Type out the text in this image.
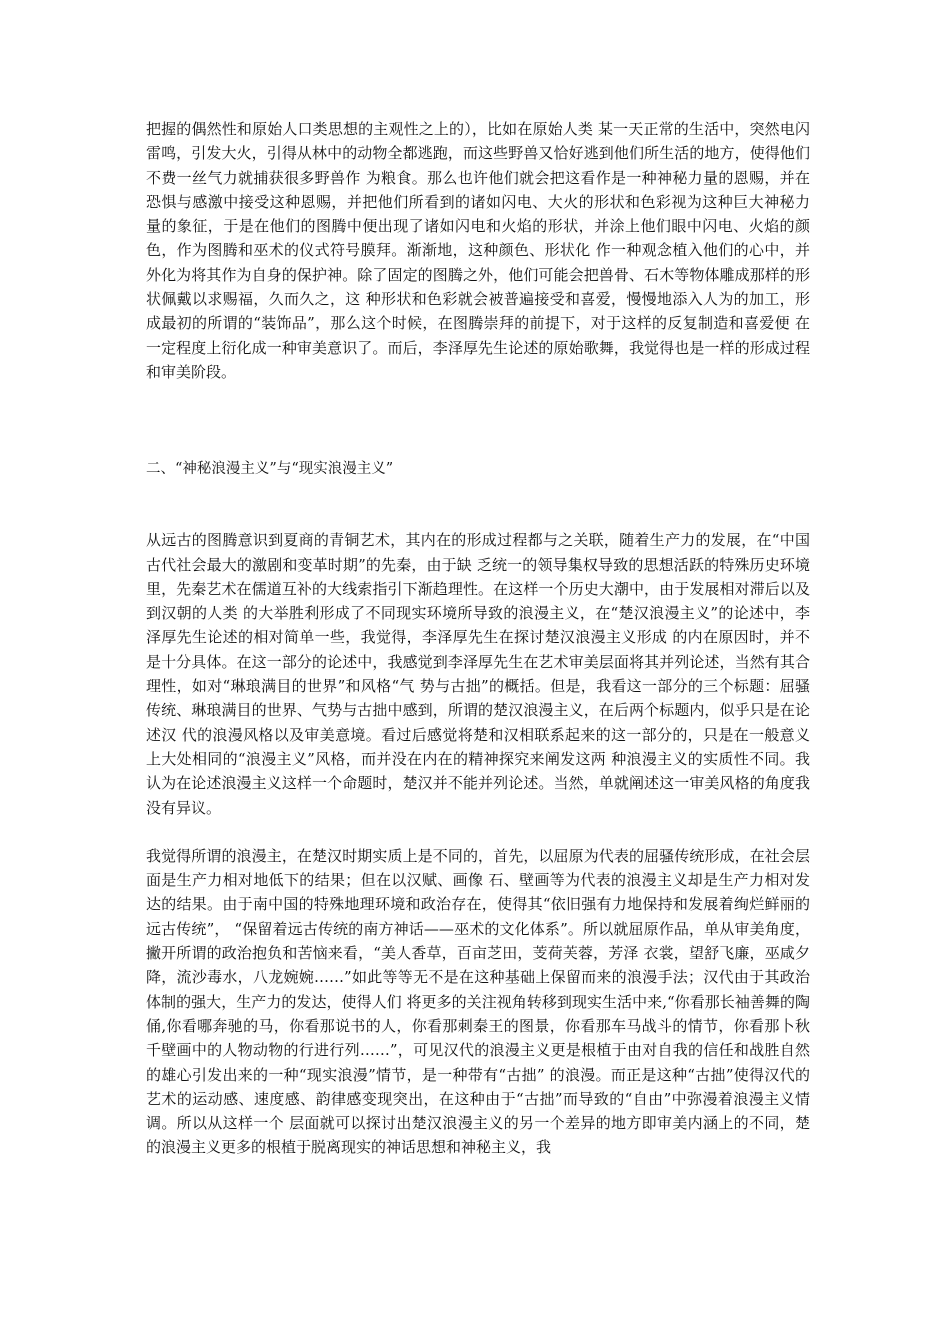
把握的偶然性和原始人口类思想的主观性之上的），比如在原始人类 某一天正常的生活中，突然电闪雷鸣，引发大火，引得从林中的动物全都逃跑，而这些野兽又恰好逃到他们所生活的地方，使得他们不费一丝气力就捕获很多野兽作 为粮食。那么也许他们就会把这看作是一种神秘力量的恩赐，并在恐惧与感激中接受这种恩赐，并把他们所看到的诸如闪电、大火的形状和色彩视为这种巨大神秘力 量的象征，于是在他们的图腾中便出现了诸如闪电和火焰的形状，并涂上他们眼中闪电、火焰的颜色，作为图腾和巫术的仪式符号膜拜。渐渐地，这种颜色、形状化 作一种观念植入他们的心中，并外化为将其作为自身的保护神。除了固定的图腾之外，他们可能会把兽骨、石木等物体雕成那样的形状佩戴以求赐福，久而久之，这 种形状和色彩就会被普遍接受和喜爱，慢慢地添入人为的加工，形成最初的所谓的“装饰品”，那么这个时候，在图腾崇拜的前提下，对于这样的反复制造和喜爱便 在一定程度上衍化成一种审美意识了。而后，李泽厚先生论述的原始歌舞，我觉得也是一样的形成过程和审美阶段。

二、“神秘浪漫主义”与“现实浪漫主义”

从远古的图腾意识到夏商的青铜艺术，其内在的形成过程都与之关联，随着生产力的发展，在“中国古代社会最大的激剧和变革时期”的先秦，由于缺 乏统一的领导集权导致的思想活跃的特殊历史环境里，先秦艺术在儒道互补的大线索指引下渐趋理性。在这样一个历史大潮中，由于发展相对滞后以及到汉朝的人类 的大举胜利形成了不同现实环境所导致的浪漫主义，在“楚汉浪漫主义”的论述中，李泽厚先生论述的相对简单一些，我觉得，李泽厚先生在探讨楚汉浪漫主义形成 的内在原因时，并不是十分具体。在这一部分的论述中，我感觉到李泽厚先生在艺术审美层面将其并列论述，当然有其合理性，如对“琳琅满目的世界”和风格“气 势与古拙”的概括。但是，我看这一部分的三个标题：屈骚传统、琳琅满目的世界、气势与古拙中感到，所谓的楚汉浪漫主义，在后两个标题内，似乎只是在论述汉 代的浪漫风格以及审美意境。看过后感觉将楚和汉相联系起来的这一部分的，只是在一般意义上大处相同的“浪漫主义”风格，而并没在内在的精神探究来阐发这两 种浪漫主义的实质性不同。我认为在论述浪漫主义这样一个命题时，楚汉并不能并列论述。当然，单就阐述这一审美风格的角度我没有异议。

我觉得所谓的浪漫主，在楚汉时期实质上是不同的，首先，以屈原为代表的屈骚传统形成，在社会层面是生产力相对地低下的结果；但在以汉赋、画像 石、壁画等为代表的浪漫主义却是生产力相对发达的结果。由于南中国的特殊地理环境和政治存在，使得其“依旧强有力地保持和发展着绚烂鲜丽的远古传统”， “保留着远古传统的南方神话——巫术的文化体系”。所以就屈原作品，单从审美角度，撇开所谓的政治抱负和苦恼来看，“美人香草，百亩芝田，芰荷芙蓉，芳泽 衣裳，望舒飞廉，巫咸夕降，流沙毒水，八龙婉婉……”如此等等无不是在这种基础上保留而来的浪漫手法；汉代由于其政治体制的强大，生产力的发达，使得人们 将更多的关注视角转移到现实生活中来,“你看那长袖善舞的陶俑,你看哪奔驰的马，你看那说书的人，你看那刺秦王的图景，你看那车马战斗的情节，你看那卜秋 千壁画中的人物动物的行进行列……”，可见汉代的浪漫主义更是根植于由对自我的信任和战胜自然的雄心引发出来的一种“现实浪漫”情节，是一种带有“古拙” 的浪漫。而正是这种“古拙”使得汉代的艺术的运动感、速度感、韵律感变现突出，在这种由于“古拙”而导致的“自由”中弥漫着浪漫主义情调。所以从这样一个 层面就可以探讨出楚汉浪漫主义的另一个差异的地方即审美内涵上的不同，楚的浪漫主义更多的根植于脱离现实的神话思想和神秘主义，我
